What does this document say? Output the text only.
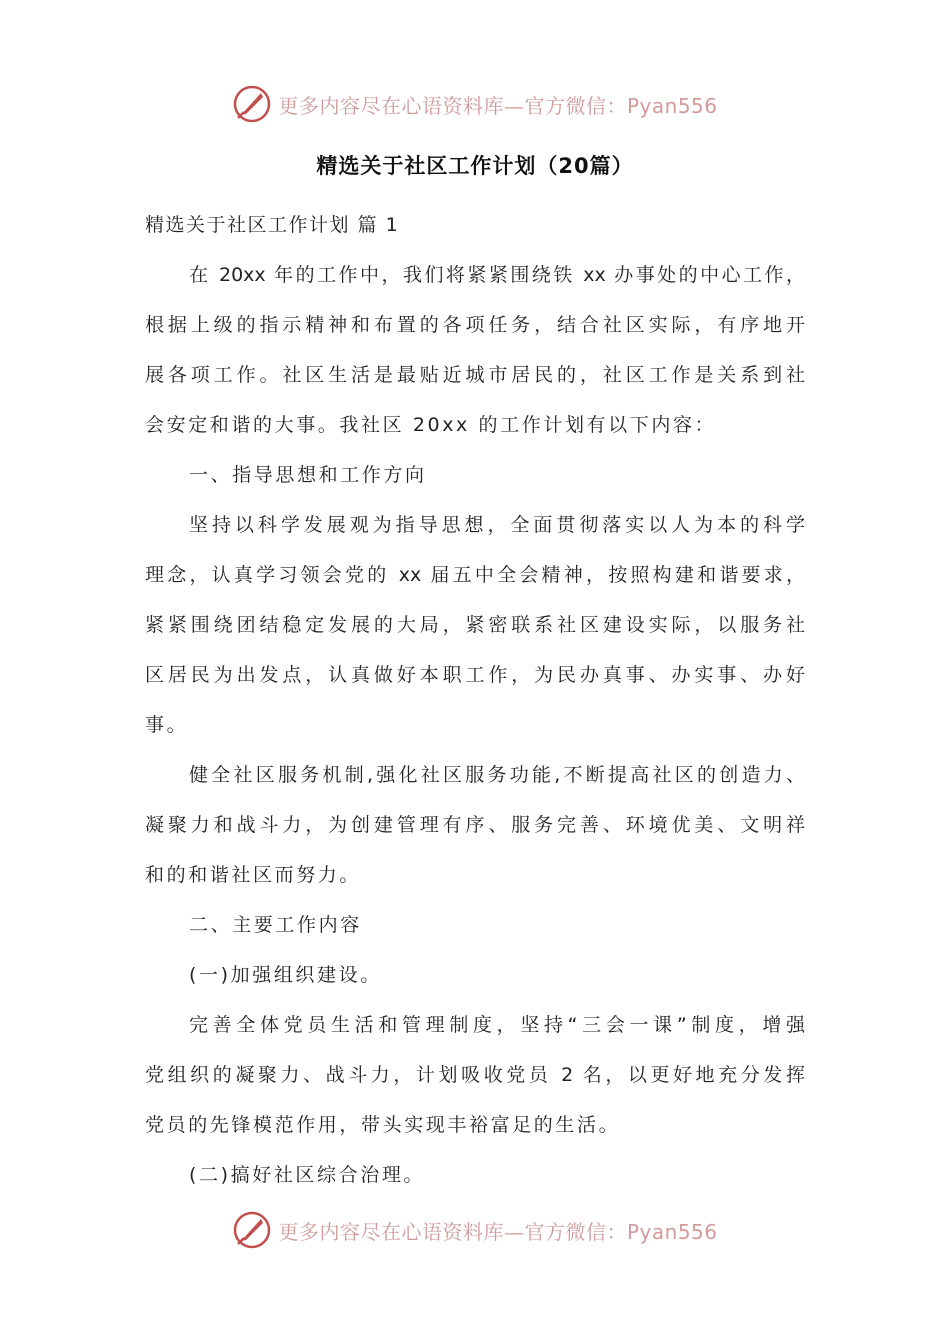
更多内容尽在心语资料库—官方微信：Pyan556
精选关于社区工作计划（20篇）

精选关于社区工作计划 篇 1

在 20xx 年的工作中，我们将紧紧围绕铁 xx 办事处的中心工作，

根据上级的指示精神和布置的各项任务，结合社区实际，有序地开

展各项工作。社区生活是最贴近城市居民的，社区工作是关系到社

会安定和谐的大事。我社区 20xx 的工作计划有以下内容：

一、指导思想和工作方向

坚持以科学发展观为指导思想，全面贯彻落实以人为本的科学

理念，认真学习领会党的 xx 届五中全会精神，按照构建和谐要求，

紧紧围绕团结稳定发展的大局，紧密联系社区建设实际，以服务社

区居民为出发点，认真做好本职工作，为民办真事、办实事、办好

事。

健全社区服务机制,强化社区服务功能,不断提高社区的创造力、

凝聚力和战斗力，为创建管理有序、服务完善、环境优美、文明祥

和的和谐社区而努力。

二、主要工作内容

(一)加强组织建设。

完善全体党员生活和管理制度，坚持“三会一课”制度，增强

党组织的凝聚力、战斗力，计划吸收党员 2 名，以更好地充分发挥

党员的先锋模范作用，带头实现丰裕富足的生活。

(二)搞好社区综合治理。

更多内容尽在心语资料库—官方微信：Pyan556
